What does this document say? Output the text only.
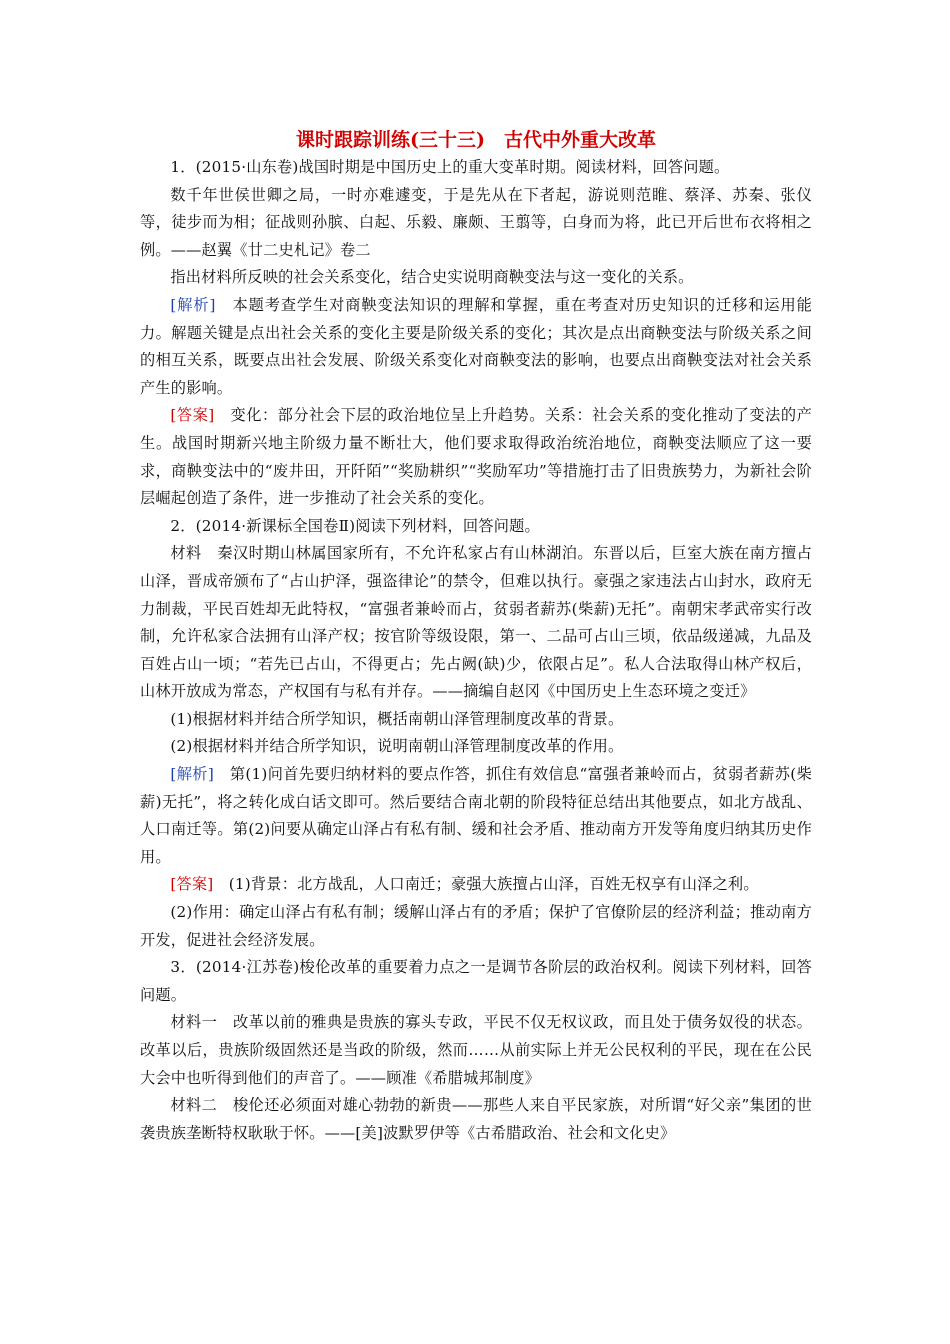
课时跟踪训练(三十三)　古代中外重大改革

1．(2015·山东卷)战国时期是中国历史上的重大变革时期。阅读材料，回答问题。

数千年世侯世卿之局，一时亦难遽变，于是先从在下者起，游说则范睢、蔡泽、苏秦、张仪等，徒步而为相；征战则孙膑、白起、乐毅、廉颇、王翦等，白身而为将，此已开后世布衣将相之例。——赵翼《廿二史札记》卷二

指出材料所反映的社会关系变化，结合史实说明商鞅变法与这一变化的关系。

[解析]　本题考查学生对商鞅变法知识的理解和掌握，重在考查对历史知识的迁移和运用能力。解题关键是点出社会关系的变化主要是阶级关系的变化；其次是点出商鞅变法与阶级关系之间的相互关系，既要点出社会发展、阶级关系变化对商鞅变法的影响，也要点出商鞅变法对社会关系产生的影响。

[答案]　变化：部分社会下层的政治地位呈上升趋势。关系：社会关系的变化推动了变法的产生。战国时期新兴地主阶级力量不断壮大，他们要求取得政治统治地位，商鞅变法顺应了这一要求，商鞅变法中的“废井田，开阡陌”“奖励耕织”“奖励军功”等措施打击了旧贵族势力，为新社会阶层崛起创造了条件，进一步推动了社会关系的变化。

2．(2014·新课标全国卷Ⅱ)阅读下列材料，回答问题。

材料　秦汉时期山林属国家所有，不允许私家占有山林湖泊。东晋以后，巨室大族在南方擅占山泽，晋成帝颁布了“占山护泽，强盗律论”的禁令，但难以执行。豪强之家违法占山封水，政府无力制裁，平民百姓却无此特权，“富强者兼岭而占，贫弱者薪苏(柴薪)无托”。南朝宋孝武帝实行改制，允许私家合法拥有山泽产权；按官阶等级设限，第一、二品可占山三顷，依品级递减，九品及百姓占山一顷；“若先已占山，不得更占；先占阙(缺)少，依限占足”。私人合法取得山林产权后，山林开放成为常态，产权国有与私有并存。——摘编自赵冈《中国历史上生态环境之变迁》

(1)根据材料并结合所学知识，概括南朝山泽管理制度改革的背景。

(2)根据材料并结合所学知识，说明南朝山泽管理制度改革的作用。

[解析]　第(1)问首先要归纳材料的要点作答，抓住有效信息“富强者兼岭而占，贫弱者薪苏(柴薪)无托”，将之转化成白话文即可。然后要结合南北朝的阶段特征总结出其他要点，如北方战乱、人口南迁等。第(2)问要从确定山泽占有私有制、缓和社会矛盾、推动南方开发等角度归纳其历史作用。

[答案]　(1)背景：北方战乱，人口南迁；豪强大族擅占山泽，百姓无权享有山泽之利。

(2)作用：确定山泽占有私有制；缓解山泽占有的矛盾；保护了官僚阶层的经济利益；推动南方开发，促进社会经济发展。

3．(2014·江苏卷)梭伦改革的重要着力点之一是调节各阶层的政治权利。阅读下列材料，回答问题。

材料一　改革以前的雅典是贵族的寡头专政，平民不仅无权议政，而且处于债务奴役的状态。改革以后，贵族阶级固然还是当政的阶级，然而……从前实际上并无公民权利的平民，现在在公民大会中也听得到他们的声音了。——顾准《希腊城邦制度》

材料二　梭伦还必须面对雄心勃勃的新贵——那些人来自平民家族，对所谓“好父亲”集团的世袭贵族垄断特权耿耿于怀。——[美]波默罗伊等《古希腊政治、社会和文化史》
